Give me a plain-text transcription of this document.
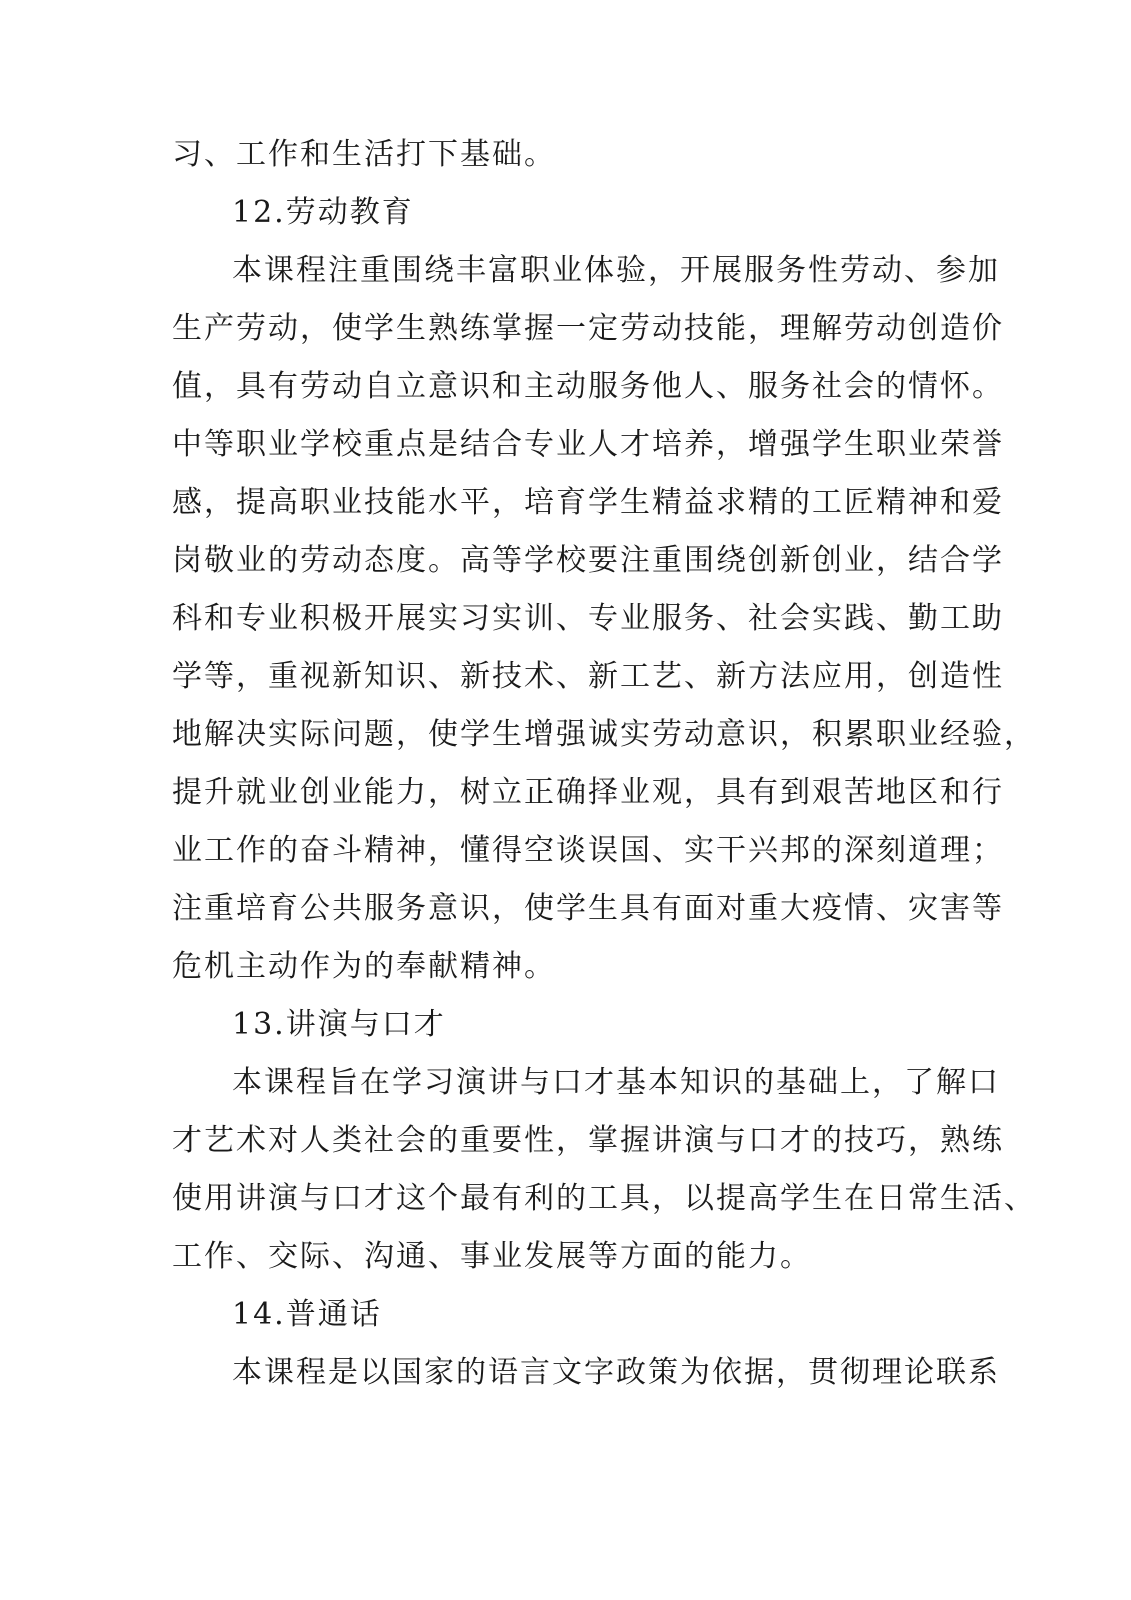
习、工作和生活打下基础。
12.劳动教育
本课程注重围绕丰富职业体验，开展服务性劳动、参加
生产劳动，使学生熟练掌握一定劳动技能，理解劳动创造价
值，具有劳动自立意识和主动服务他人、服务社会的情怀。
中等职业学校重点是结合专业人才培养，增强学生职业荣誉
感，提高职业技能水平，培育学生精益求精的工匠精神和爱
岗敬业的劳动态度。高等学校要注重围绕创新创业，结合学
科和专业积极开展实习实训、专业服务、社会实践、勤工助
学等，重视新知识、新技术、新工艺、新方法应用，创造性
地解决实际问题，使学生增强诚实劳动意识，积累职业经验，
提升就业创业能力，树立正确择业观，具有到艰苦地区和行
业工作的奋斗精神，懂得空谈误国、实干兴邦的深刻道理；
注重培育公共服务意识，使学生具有面对重大疫情、灾害等
危机主动作为的奉献精神。
13.讲演与口才
本课程旨在学习演讲与口才基本知识的基础上，了解口
才艺术对人类社会的重要性，掌握讲演与口才的技巧，熟练
使用讲演与口才这个最有利的工具，以提高学生在日常生活、
工作、交际、沟通、事业发展等方面的能力。
14.普通话
本课程是以国家的语言文字政策为依据，贯彻理论联系
